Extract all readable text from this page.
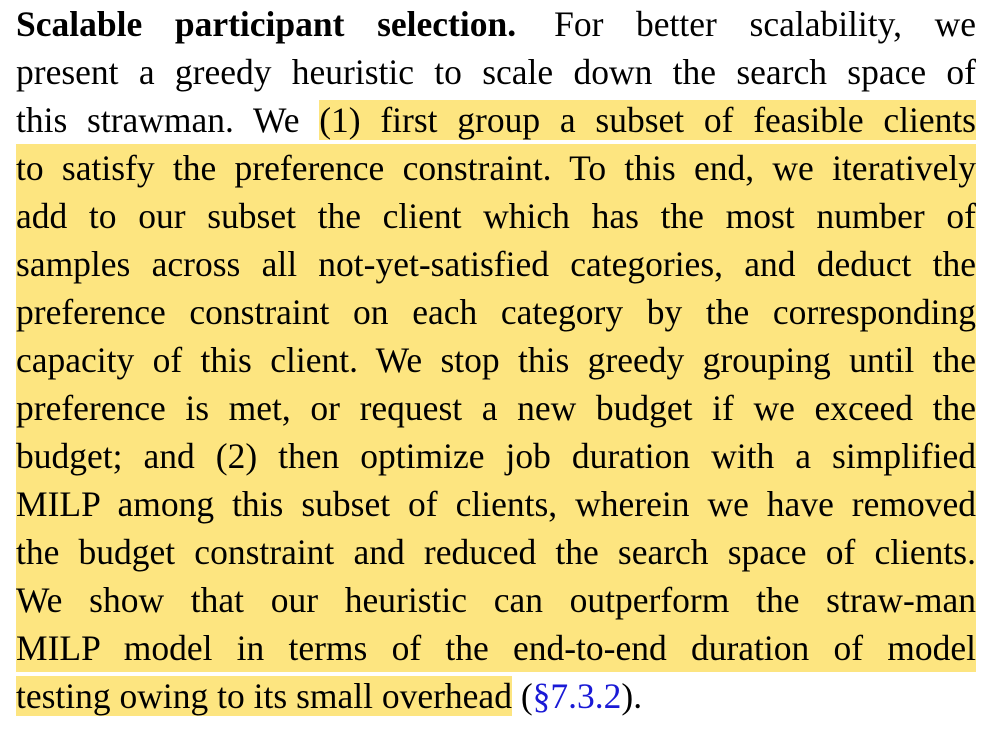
Scalable participant selection. For better scalability, we
present a greedy heuristic to scale down the search space of
this strawman. We (1) first group a subset of feasible clients
to satisfy the preference constraint. To this end, we iteratively
add to our subset the client which has the most number of
samples across all not-yet-satisfied categories, and deduct the
preference constraint on each category by the corresponding
capacity of this client. We stop this greedy grouping until the
preference is met, or request a new budget if we exceed the
budget; and (2) then optimize job duration with a simplified
MILP among this subset of clients, wherein we have removed
the budget constraint and reduced the search space of clients.
We show that our heuristic can outperform the straw-man
MILP model in terms of the end-to-end duration of model
testing owing to its small overhead (§7.3.2).
